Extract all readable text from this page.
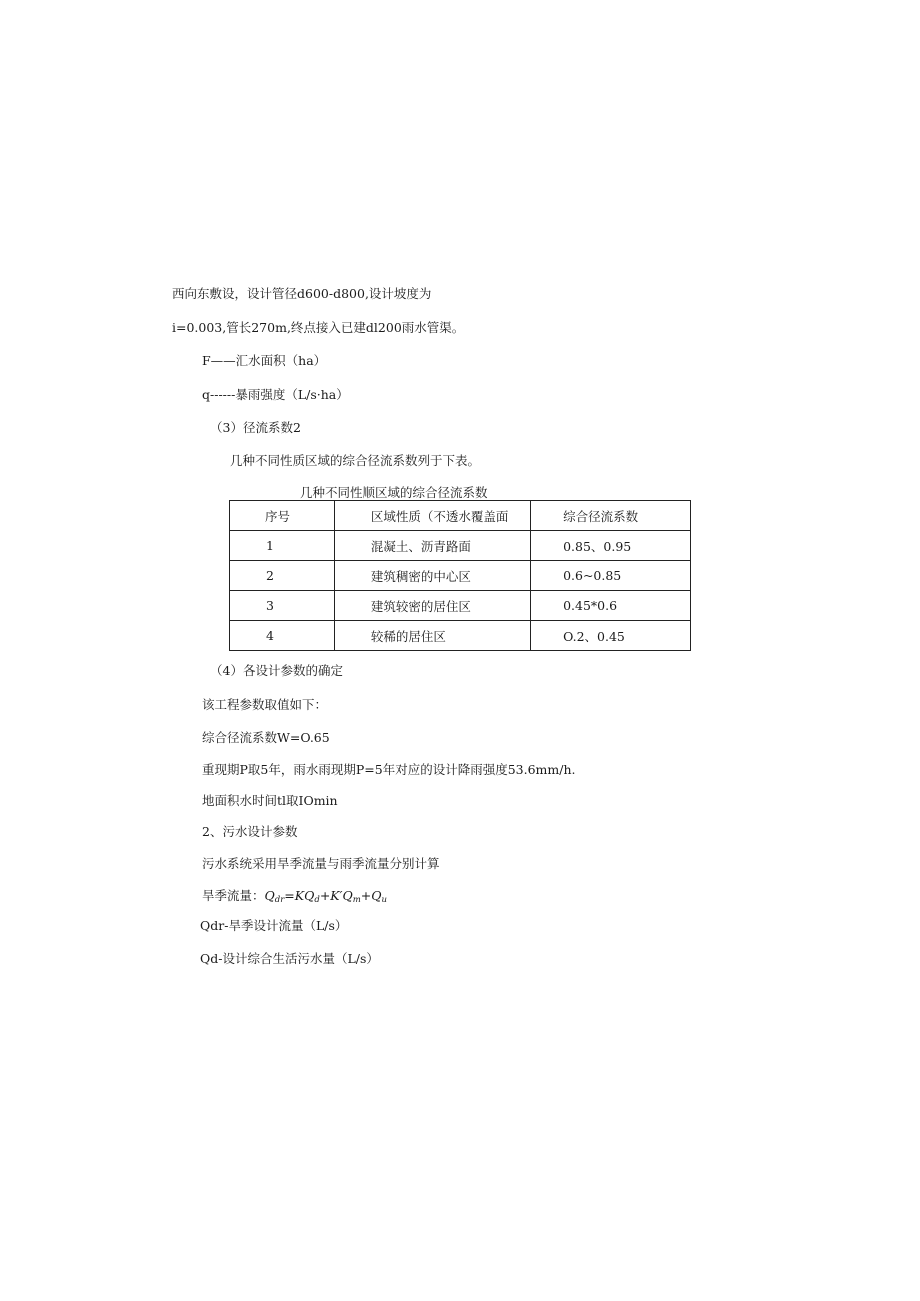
西向东敷设，设计管径d600-d800,设计坡度为
i=0.003,管长270m,终点接入已建dl200雨水管渠。
F——汇水面积（ha）
q------暴雨强度（L/s·ha）
（3）径流系数2
几种不同性质区域的综合径流系数列于下表。
几种不同性顺区域的综合径流系数
序号	区域性质（不透水覆盖面	综合径流系数
1	混凝土、沥青路面	0.85、0.95
2	建筑稠密的中心区	0.6~0.85
3	建筑较密的居住区	0.45*0.6
4	较稀的居住区	O.2、0.45
（4）各设计参数的确定
该工程参数取值如下：
综合径流系数W=O.65
重现期P取5年，雨水雨现期P=5年对应的设计降雨强度53.6mm/h.
地面积水时间tl取IOmin
2、污水设计参数
污水系统采用旱季流量与雨季流量分别计算
旱季流量：$Q_{dr}=KQ_d+K'Q_m+Q_u$
Qdr-旱季设计流量（L/s）
Qd-设计综合生活污水量（L/s）
